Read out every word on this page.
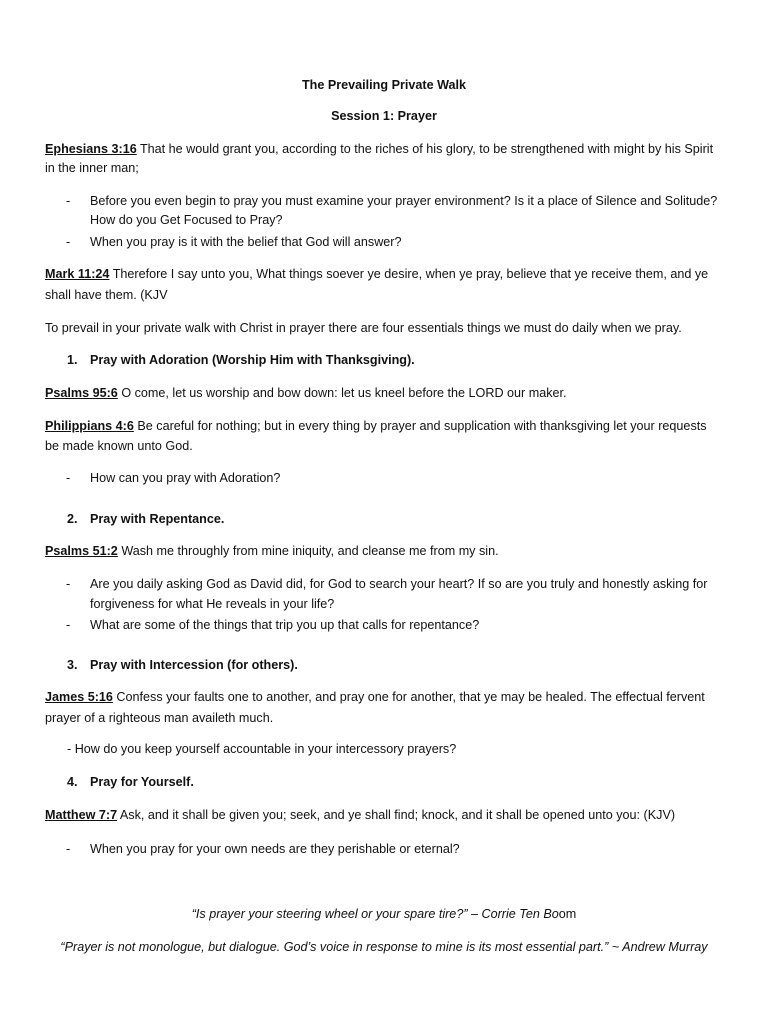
The Prevailing Private Walk
Session 1: Prayer
Ephesians 3:16 That he would grant you, according to the riches of his glory, to be strengthened with might by his Spirit
in the inner man;
- Before you even begin to pray you must examine your prayer environment? Is it a place of Silence and Solitude?
How do you Get Focused to Pray?
- When you pray is it with the belief that God will answer?
Mark 11:24 Therefore I say unto you, What things soever ye desire, when ye pray, believe that ye receive them, and ye
shall have them. (KJV
To prevail in your private walk with Christ in prayer there are four essentials things we must do daily when we pray.
1. Pray with Adoration (Worship Him with Thanksgiving).
Psalms 95:6 O come, let us worship and bow down: let us kneel before the LORD our maker.
Philippians 4:6 Be careful for nothing; but in every thing by prayer and supplication with thanksgiving let your requests
be made known unto God.
- How can you pray with Adoration?
2. Pray with Repentance.
Psalms 51:2 Wash me throughly from mine iniquity, and cleanse me from my sin.
- Are you daily asking God as David did, for God to search your heart? If so are you truly and honestly asking for
forgiveness for what He reveals in your life?
- What are some of the things that trip you up that calls for repentance?
3. Pray with Intercession (for others).
James 5:16 Confess your faults one to another, and pray one for another, that ye may be healed. The effectual fervent
prayer of a righteous man availeth much.
- How do you keep yourself accountable in your intercessory prayers?
4. Pray for Yourself.
Matthew 7:7 Ask, and it shall be given you; seek, and ye shall find; knock, and it shall be opened unto you: (KJV)
- When you pray for your own needs are they perishable or eternal?
“Is prayer your steering wheel or your spare tire?” – Corrie Ten Boom
“Prayer is not monologue, but dialogue. God’s voice in response to mine is its most essential part.” ~ Andrew Murray
